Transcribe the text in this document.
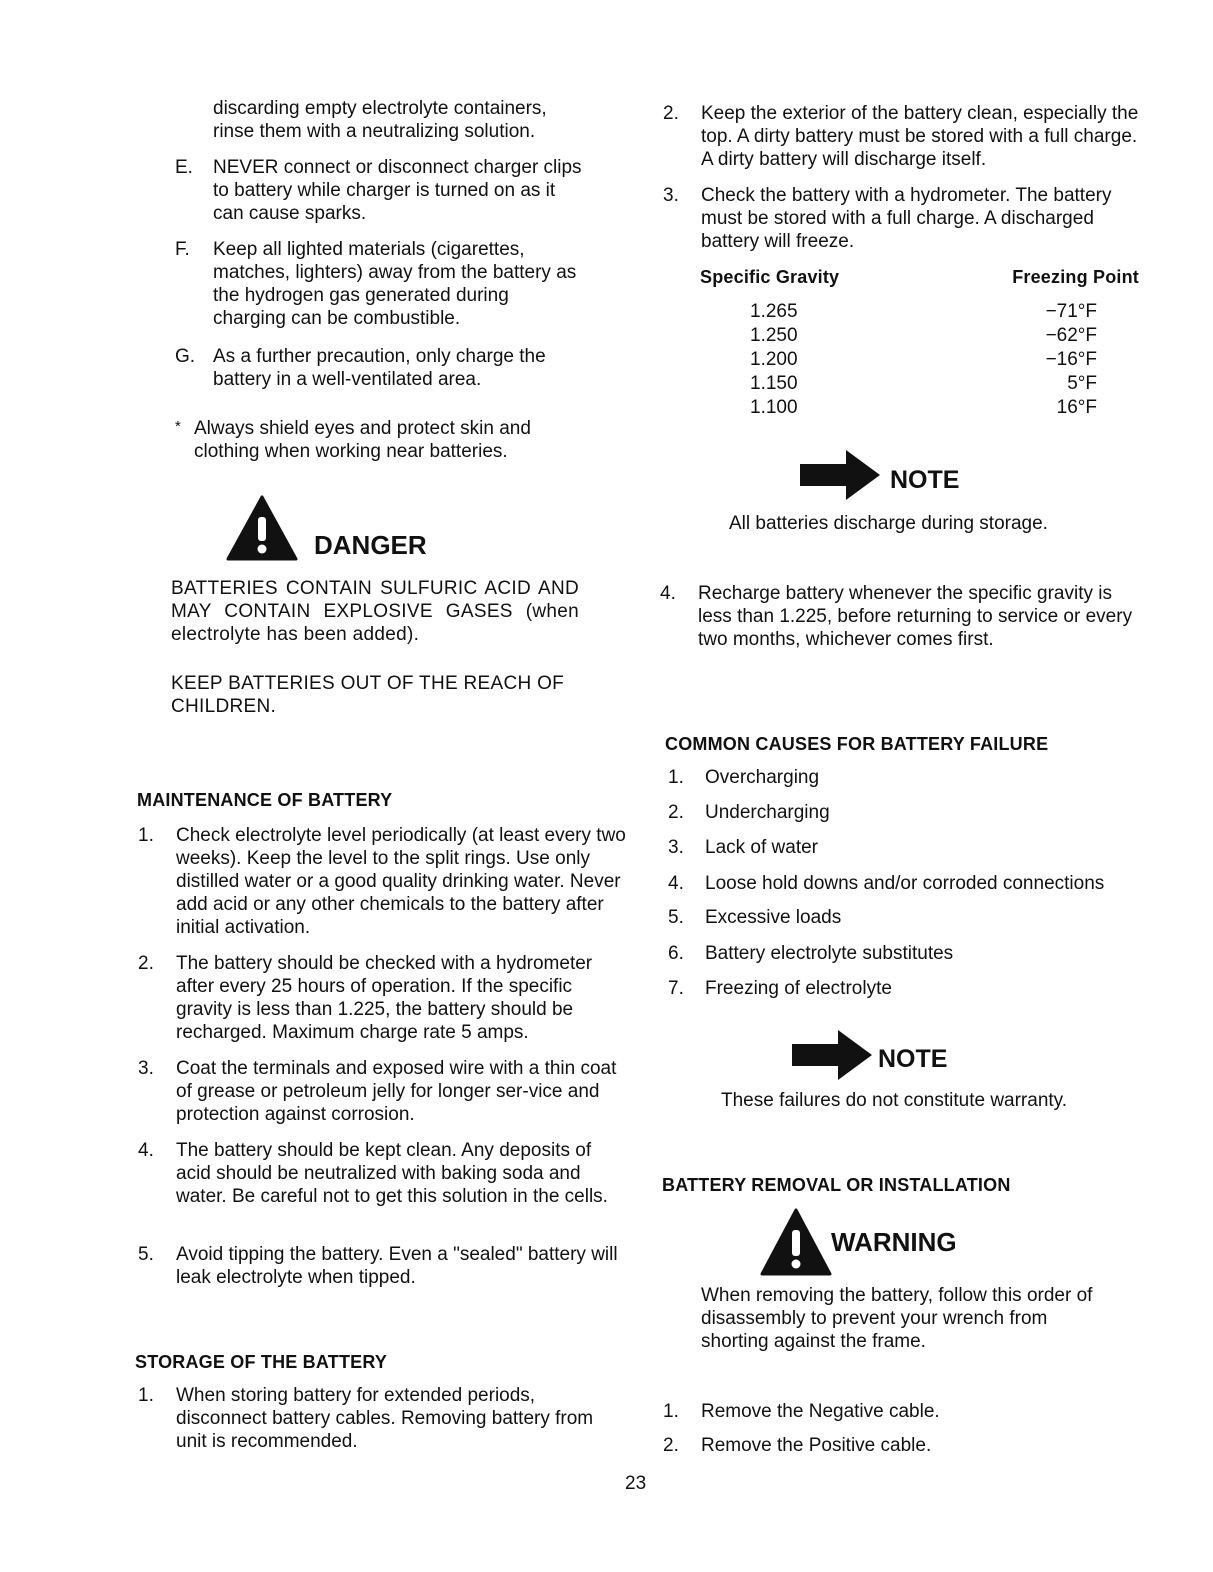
discarding empty electrolyte containers, rinse them with a neutralizing solution.
E. NEVER connect or disconnect charger clips to battery while charger is turned on as it can cause sparks.
F. Keep all lighted materials (cigarettes, matches, lighters) away from the battery as the hydrogen gas generated during charging can be combustible.
G. As a further precaution, only charge the battery in a well-ventilated area.
* Always shield eyes and protect skin and clothing when working near batteries.
DANGER
BATTERIES CONTAIN SULFURIC ACID AND MAY CONTAIN EXPLOSIVE GASES (when electrolyte has been added).
KEEP BATTERIES OUT OF THE REACH OF CHILDREN.
MAINTENANCE OF BATTERY
1. Check electrolyte level periodically (at least every two weeks). Keep the level to the split rings. Use only distilled water or a good quality drinking water. Never add acid or any other chemicals to the battery after initial activation.
2. The battery should be checked with a hydrometer after every 25 hours of operation. If the specific gravity is less than 1.225, the battery should be recharged. Maximum charge rate 5 amps.
3. Coat the terminals and exposed wire with a thin coat of grease or petroleum jelly for longer ser-vice and protection against corrosion.
4. The battery should be kept clean. Any deposits of acid should be neutralized with baking soda and water. Be careful not to get this solution in the cells.
5. Avoid tipping the battery. Even a "sealed" battery will leak electrolyte when tipped.
STORAGE OF THE BATTERY
1. When storing battery for extended periods, disconnect battery cables. Removing battery from unit is recommended.
2. Keep the exterior of the battery clean, especially the top. A dirty battery must be stored with a full charge. A dirty battery will discharge itself.
3. Check the battery with a hydrometer. The battery must be stored with a full charge. A discharged battery will freeze.
Specific Gravity	Freezing Point
1.265	−71°F
1.250	−62°F
1.200	−16°F
1.150	5°F
1.100	16°F
NOTE
All batteries discharge during storage.
4. Recharge battery whenever the specific gravity is less than 1.225, before returning to service or every two months, whichever comes first.
COMMON CAUSES FOR BATTERY FAILURE
1. Overcharging
2. Undercharging
3. Lack of water
4. Loose hold downs and/or corroded connections
5. Excessive loads
6. Battery electrolyte substitutes
7. Freezing of electrolyte
NOTE
These failures do not constitute warranty.
BATTERY REMOVAL OR INSTALLATION
WARNING
When removing the battery, follow this order of disassembly to prevent your wrench from shorting against the frame.
1. Remove the Negative cable.
2. Remove the Positive cable.
23
